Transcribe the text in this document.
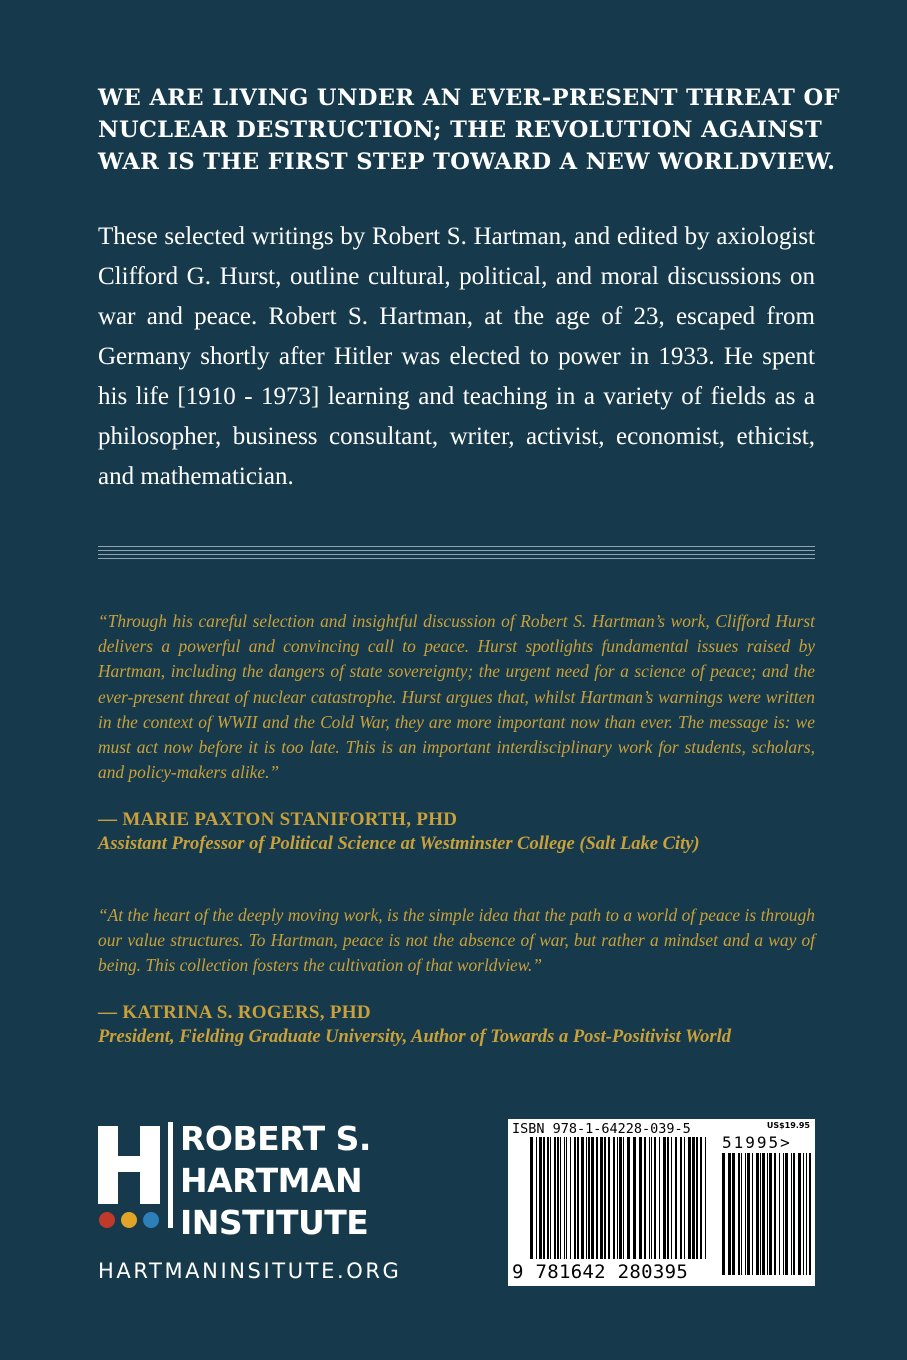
WE ARE LIVING UNDER AN EVER-PRESENT THREAT OF
NUCLEAR DESTRUCTION; THE REVOLUTION AGAINST
WAR IS THE FIRST STEP TOWARD A NEW WORLDVIEW.
These selected writings by Robert S. Hartman, and edited by axiologist Clifford G. Hurst, outline cultural, political, and moral discussions on war and peace. Robert S. Hartman, at the age of 23, escaped from Germany shortly after Hitler was elected to power in 1933. He spent his life [1910 - 1973] learning and teaching in a variety of fields as a philosopher, business consultant, writer, activist, economist, ethicist, and mathematician.
“Through his careful selection and insightful discussion of Robert S. Hartman’s work, Clifford Hurst delivers a powerful and convincing call to peace. Hurst spotlights fundamental issues raised by Hartman, including the dangers of state sovereignty; the urgent need for a science of peace; and the ever-present threat of nuclear catastrophe. Hurst argues that, whilst Hartman’s warnings were written in the context of WWII and the Cold War, they are more important now than ever. The message is: we must act now before it is too late. This is an important interdisciplinary work for students, scholars, and policy-makers alike.”
— MARIE PAXTON STANIFORTH, PHD
Assistant Professor of Political Science at Westminster College (Salt Lake City)
“At the heart of the deeply moving work, is the simple idea that the path to a world of peace is through our value structures. To Hartman, peace is not the absence of war, but rather a mindset and a way of being. This collection fosters the cultivation of that worldview.”
— KATRINA S. ROGERS, PHD
President, Fielding Graduate University, Author of Towards a Post-Positivist World
ROBERT S.
HARTMAN
INSTITUTE
HARTMANINSITUTE.ORG
ISBN 978-1-64228-039-5	US$19.95
51995>
9 781642 280395
